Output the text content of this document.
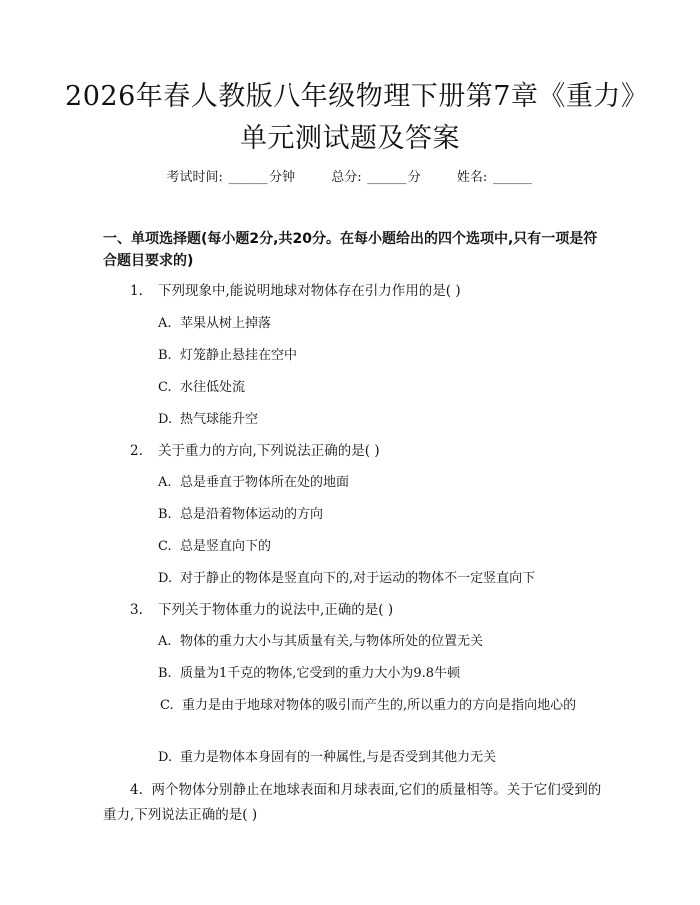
2026年春人教版八年级物理下册第7章《重力》单元测试题及答案
考试时间: ______ 分钟	总分: ______ 分	姓名: ______
一、单项选择题(每小题2分,共20分。在每小题给出的四个选项中,只有一项是符合题目要求的)
1. 下列现象中,能说明地球对物体存在引力作用的是( )
A. 苹果从树上掉落
B. 灯笼静止悬挂在空中
C. 水往低处流
D. 热气球能升空
2. 关于重力的方向,下列说法正确的是( )
A. 总是垂直于物体所在处的地面
B. 总是沿着物体运动的方向
C. 总是竖直向下的
D. 对于静止的物体是竖直向下的,对于运动的物体不一定竖直向下
3. 下列关于物体重力的说法中,正确的是( )
A. 物体的重力大小与其质量有关,与物体所处的位置无关
B. 质量为1千克的物体,它受到的重力大小为9.8牛顿
C. 重力是由于地球对物体的吸引而产生的,所以重力的方向是指向地心的
D. 重力是物体本身固有的一种属性,与是否受到其他力无关
4. 两个物体分别静止在地球表面和月球表面,它们的质量相等。关于它们受到的重力,下列说法正确的是( )
